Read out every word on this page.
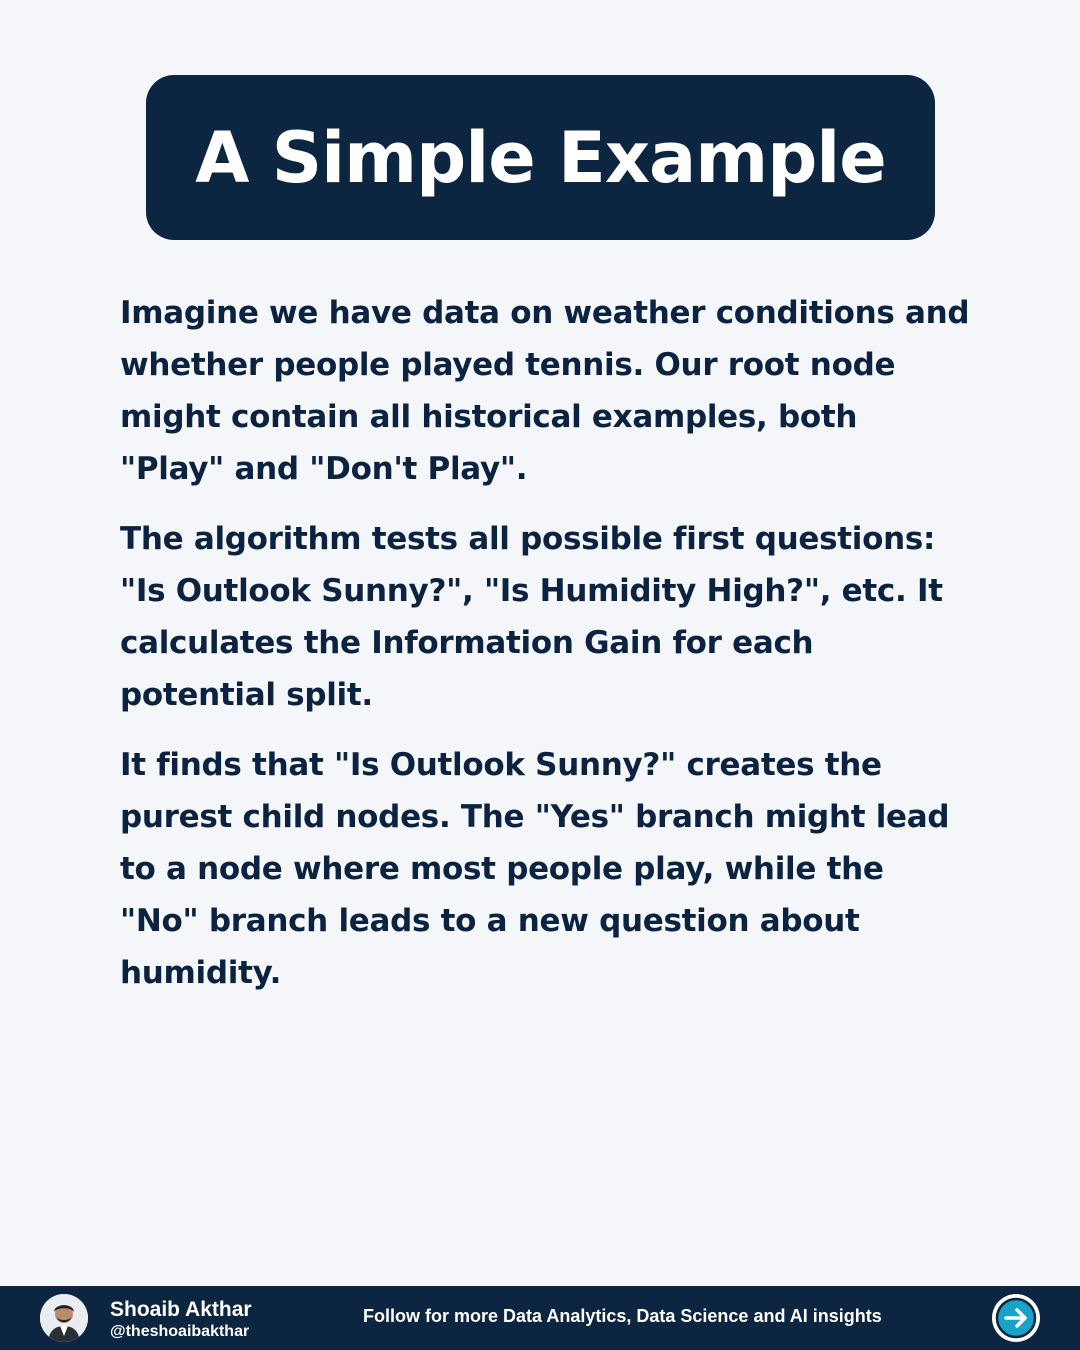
A Simple Example

Imagine we have data on weather conditions and whether people played tennis. Our root node might contain all historical examples, both "Play" and "Don't Play".

The algorithm tests all possible first questions: "Is Outlook Sunny?", "Is Humidity High?", etc. It calculates the Information Gain for each potential split.

It finds that "Is Outlook Sunny?" creates the purest child nodes. The "Yes" branch might lead to a node where most people play, while the "No" branch leads to a new question about humidity.

Shoaib Akthar
@theshoaibakthar
Follow for more Data Analytics, Data Science and AI insights
